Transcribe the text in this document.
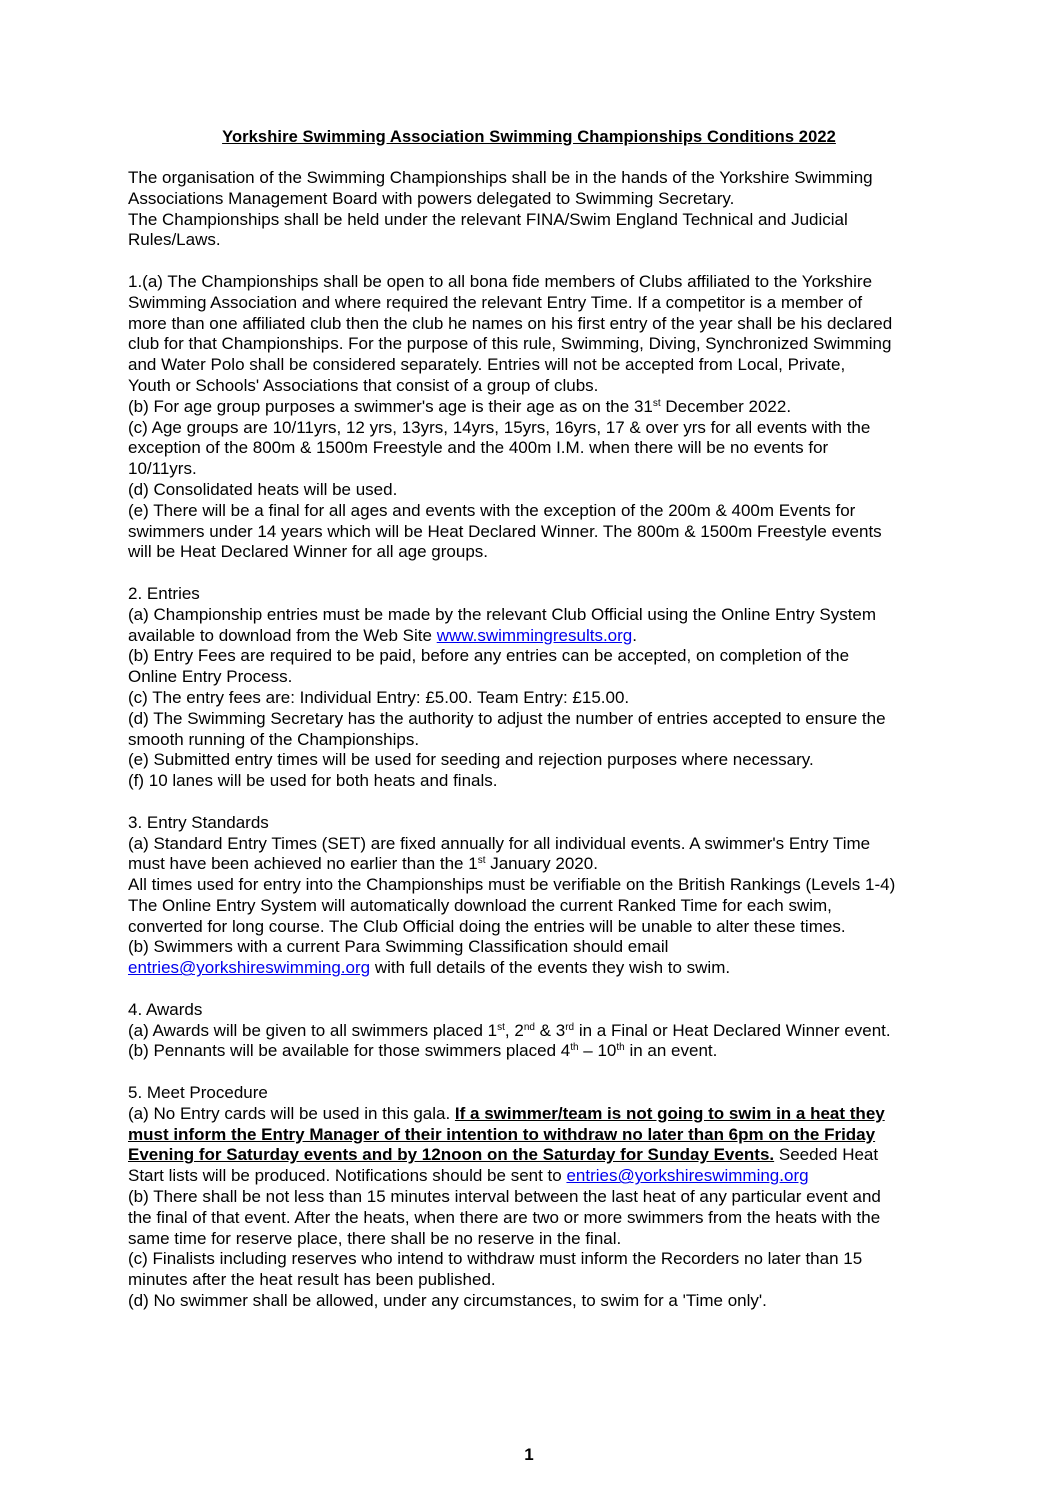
Yorkshire Swimming Association Swimming Championships Conditions 2022

The organisation of the Swimming Championships shall be in the hands of the Yorkshire Swimming

Associations Management Board with powers delegated to Swimming Secretary.

The Championships shall be held under the relevant FINA/Swim England Technical and Judicial

Rules/Laws.

1.(a) The Championships shall be open to all bona fide members of Clubs affiliated to the Yorkshire

Swimming Association and where required the relevant Entry Time. If a competitor is a member of

more than one affiliated club then the club he names on his first entry of the year shall be his declared

club for that Championships. For the purpose of this rule, Swimming, Diving, Synchronized Swimming

and Water Polo shall be considered separately. Entries will not be accepted from Local, Private,

Youth or Schools' Associations that consist of a group of clubs.

(b) For age group purposes a swimmer's age is their age as on the 31st December 2022.

(c) Age groups are 10/11yrs, 12 yrs, 13yrs, 14yrs, 15yrs, 16yrs, 17 & over yrs for all events with the

exception of the 800m & 1500m Freestyle and the 400m I.M. when there will be no events for

10/11yrs.

(d) Consolidated heats will be used.

(e) There will be a final for all ages and events with the exception of the 200m & 400m Events for

swimmers under 14 years which will be Heat Declared Winner. The 800m & 1500m Freestyle events

will be Heat Declared Winner for all age groups.

2. Entries

(a) Championship entries must be made by the relevant Club Official using the Online Entry System

available to download from the Web Site www.swimmingresults.org.

(b) Entry Fees are required to be paid, before any entries can be accepted, on completion of the

Online Entry Process.

(c) The entry fees are: Individual Entry: £5.00. Team Entry: £15.00.

(d) The Swimming Secretary has the authority to adjust the number of entries accepted to ensure the

smooth running of the Championships.

(e) Submitted entry times will be used for seeding and rejection purposes where necessary.

(f) 10 lanes will be used for both heats and finals.

3. Entry Standards

(a) Standard Entry Times (SET) are fixed annually for all individual events. A swimmer's Entry Time

must have been achieved no earlier than the 1st January 2020.

All times used for entry into the Championships must be verifiable on the British Rankings (Levels 1-4)

The Online Entry System will automatically download the current Ranked Time for each swim,

converted for long course. The Club Official doing the entries will be unable to alter these times.

(b) Swimmers with a current Para Swimming Classification should email

entries@yorkshireswimming.org with full details of the events they wish to swim.

4. Awards

(a) Awards will be given to all swimmers placed 1st, 2nd & 3rd in a Final or Heat Declared Winner event.

(b) Pennants will be available for those swimmers placed 4th – 10th in an event.

5. Meet Procedure

(a) No Entry cards will be used in this gala. If a swimmer/team is not going to swim in a heat they

must inform the Entry Manager of their intention to withdraw no later than 6pm on the Friday

Evening for Saturday events and by 12noon on the Saturday for Sunday Events. Seeded Heat

Start lists will be produced. Notifications should be sent to entries@yorkshireswimming.org

(b) There shall be not less than 15 minutes interval between the last heat of any particular event and

the final of that event. After the heats, when there are two or more swimmers from the heats with the

same time for reserve place, there shall be no reserve in the final.

(c) Finalists including reserves who intend to withdraw must inform the Recorders no later than 15

minutes after the heat result has been published.

(d) No swimmer shall be allowed, under any circumstances, to swim for a 'Time only'.

1
